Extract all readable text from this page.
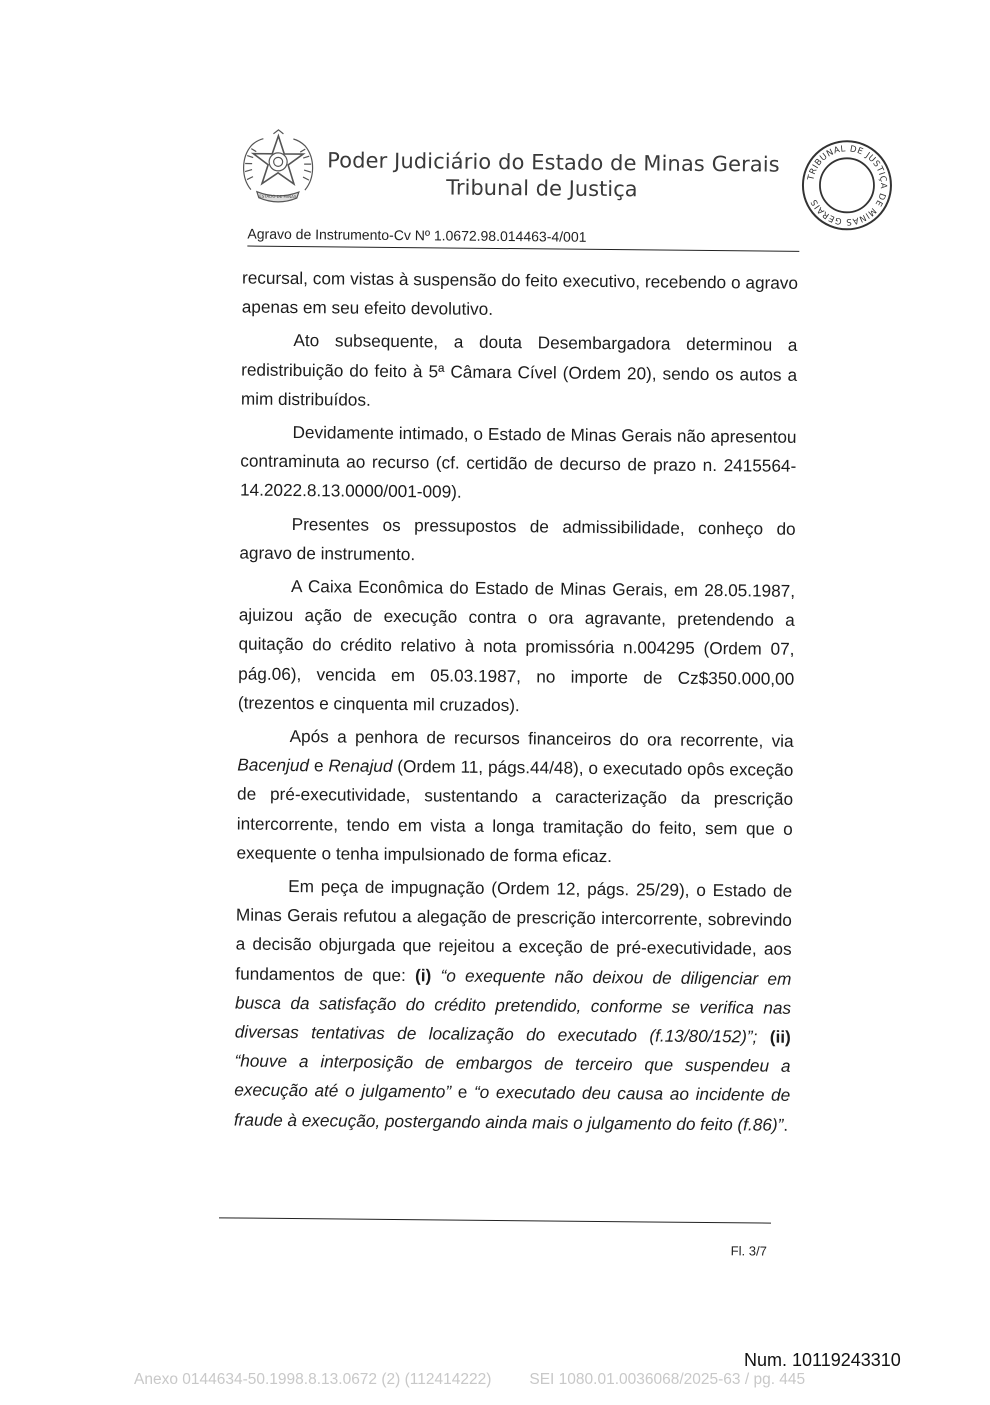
ESTADO DE MINAS
Poder Judiciário do Estado de Minas Gerais
Tribunal de Justiça	TRIBUNAL DE JUSTIÇA DE MINAS GERAIS
Agravo de Instrumento-Cv Nº 1.0672.98.014463-4/001

recursal, com vistas à suspensão do feito executivo, recebendo o agravo apenas em seu efeito devolutivo.

Ato subsequente, a douta Desembargadora determinou a redistribuição do feito à 5ª Câmara Cível (Ordem 20), sendo os autos a mim distribuídos.

Devidamente intimado, o Estado de Minas Gerais não apresentou contraminuta ao recurso (cf. certidão de decurso de prazo n. 2415564-14.2022.8.13.0000/001-009).

Presentes os pressupostos de admissibilidade, conheço do agravo de instrumento.

A Caixa Econômica do Estado de Minas Gerais, em 28.05.1987, ajuizou ação de execução contra o ora agravante, pretendendo a quitação do crédito relativo à nota promissória n.004295 (Ordem 07, pág.06), vencida em 05.03.1987, no importe de Cz$350.000,00 (trezentos e cinquenta mil cruzados).

Após a penhora de recursos financeiros do ora recorrente, via Bacenjud e Renajud (Ordem 11, págs.44/48), o executado opôs exceção de pré-executividade, sustentando a caracterização da prescrição intercorrente, tendo em vista a longa tramitação do feito, sem que o exequente o tenha impulsionado de forma eficaz.

Em peça de impugnação (Ordem 12, págs. 25/29), o Estado de Minas Gerais refutou a alegação de prescrição intercorrente, sobrevindo a decisão objurgada que rejeitou a exceção de pré-executividade, aos fundamentos de que: (i) “o exequente não deixou de diligenciar em busca da satisfação do crédito pretendido, conforme se verifica nas diversas tentativas de localização do executado (f.13/80/152)”; (ii) “houve a interposição de embargos de terceiro que suspendeu a execução até o julgamento” e “o executado deu causa ao incidente de fraude à execução, postergando ainda mais o julgamento do feito (f.86)”.

Fl. 3/7
Num. 10119243310
Anexo 0144634-50.1998.8.13.0672 (2) (112414222) SEI 1080.01.0036068/2025-63 / pg. 445
